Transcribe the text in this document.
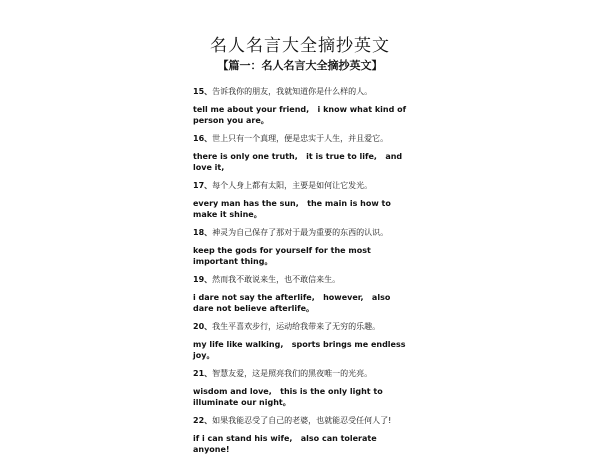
名人名言大全摘抄英文
【篇一：名人名言大全摘抄英文】
15、告诉我你的朋友，我就知道你是什么样的人。
tell me about your friend,   i know what kind of person you are。
16、世上只有一个真理，便是忠实于人生，并且爱它。
there is only one truth,   it is true to life,   and love it,
17、每个人身上都有太阳，主要是如何让它发光。
every man has the sun,   the main is how to make it shine。
18、神灵为自己保存了那对于最为重要的东西的认识。
keep the gods for yourself for the most important thing。
19、然而我不敢说来生，也不敢信来生。
i dare not say the afterlife,   however,   also dare not believe afterlife。
20、我生平喜欢步行，运动给我带来了无穷的乐趣。
my life like walking,   sports brings me endless joy。
21、智慧友爱，这是照亮我们的黑夜唯一的光亮。
wisdom and love,   this is the only light to illuminate our night。
22、如果我能忍受了自己的老婆，也就能忍受任何人了!
if i can stand his wife,   also can tolerate anyone!
